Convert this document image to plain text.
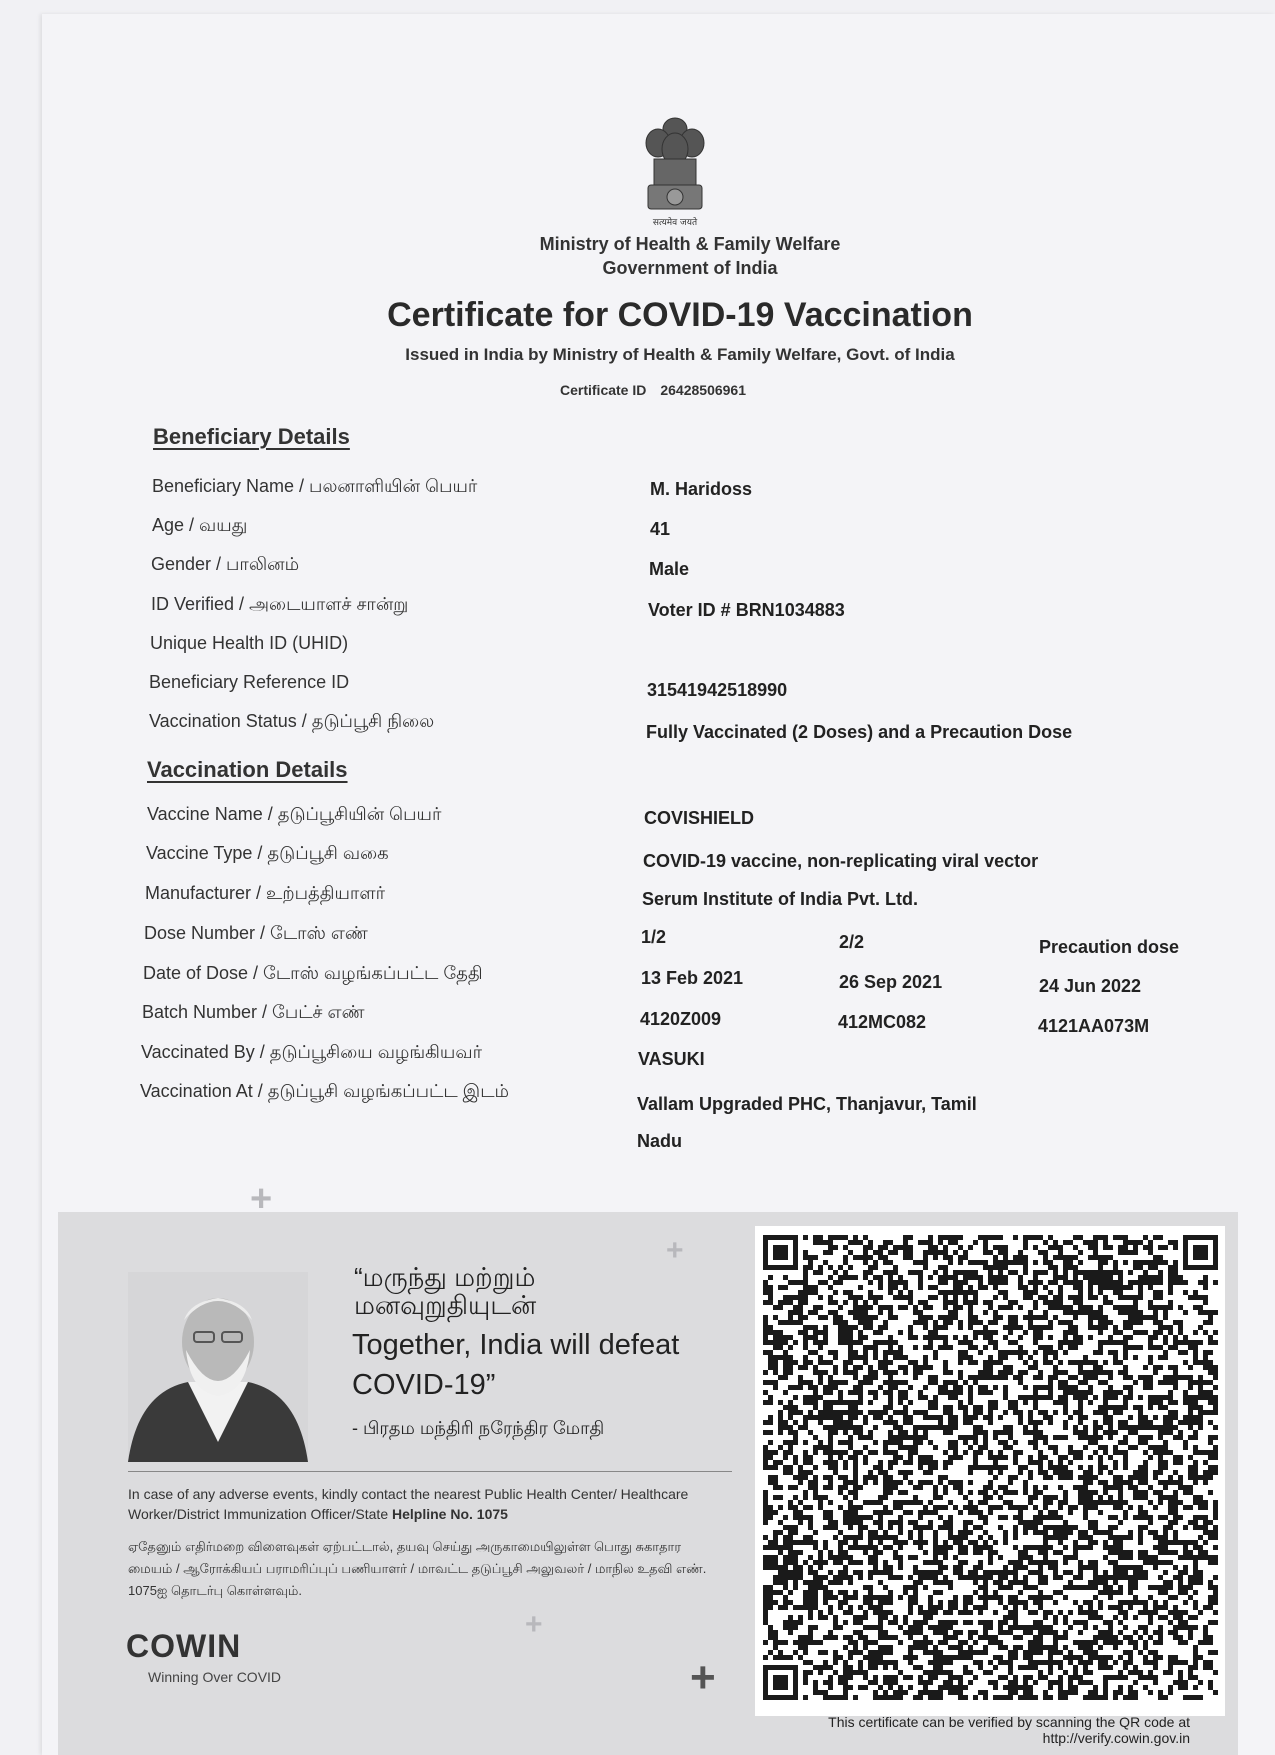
सत्यमेव जयते
Ministry of Health & Family Welfare
Government of India
Certificate for COVID-19 Vaccination
Issued in India by Ministry of Health & Family Welfare, Govt. of India
Certificate ID 26428506961
Beneficiary Details
Beneficiary Name / பலனாளியின் பெயர்
Age / வயது
Gender / பாலினம்
ID Verified / அடையாளச் சான்று
Unique Health ID (UHID)
Beneficiary Reference ID
Vaccination Status / தடுப்பூசி நிலை
M. Haridoss
41
Male
Voter ID # BRN1034883
31541942518990
Fully Vaccinated (2 Doses) and a Precaution Dose
Vaccination Details
Vaccine Name / தடுப்பூசியின் பெயர்
Vaccine Type / தடுப்பூசி வகை
Manufacturer / உற்பத்தியாளர்
Dose Number / டோஸ் எண்
Date of Dose / டோஸ் வழங்கப்பட்ட தேதி
Batch Number / பேட்ச் எண்
Vaccinated By / தடுப்பூசியை வழங்கியவர்
Vaccination At / தடுப்பூசி வழங்கப்பட்ட இடம்
COVISHIELD
COVID-19 vaccine, non-replicating viral vector
Serum Institute of India Pvt. Ltd.
1/2
13 Feb 2021
4120Z009
2/2
26 Sep 2021
412MC082
Precaution dose
24 Jun 2022
4121AA073M
VASUKI
Vallam Upgraded PHC, Thanjavur, Tamil
Nadu
+
+
+
+
“மருந்து மற்றும்
மனவுறுதியுடன்
Together, India will defeat
COVID-19”
- பிரதம மந்திரி நரேந்திர மோதி
In case of any adverse events, kindly contact the nearest Public Health Center/ Healthcare Worker/District Immunization Officer/State Helpline No. 1075
ஏதேனும் எதிர்மறை விளைவுகள் ஏற்பட்டால், தயவு செய்து அருகாமையிலுள்ள பொது சுகாதார மையம் / ஆரோக்கியப் பராமரிப்புப் பணியாளர் / மாவட்ட தடுப்பூசி அலுவலர் / மாநில உதவி எண். 1075ஐ தொடர்பு கொள்ளவும்.
COWIN
Winning Over COVID
This certificate can be verified by scanning the QR code at
http://verify.cowin.gov.in
